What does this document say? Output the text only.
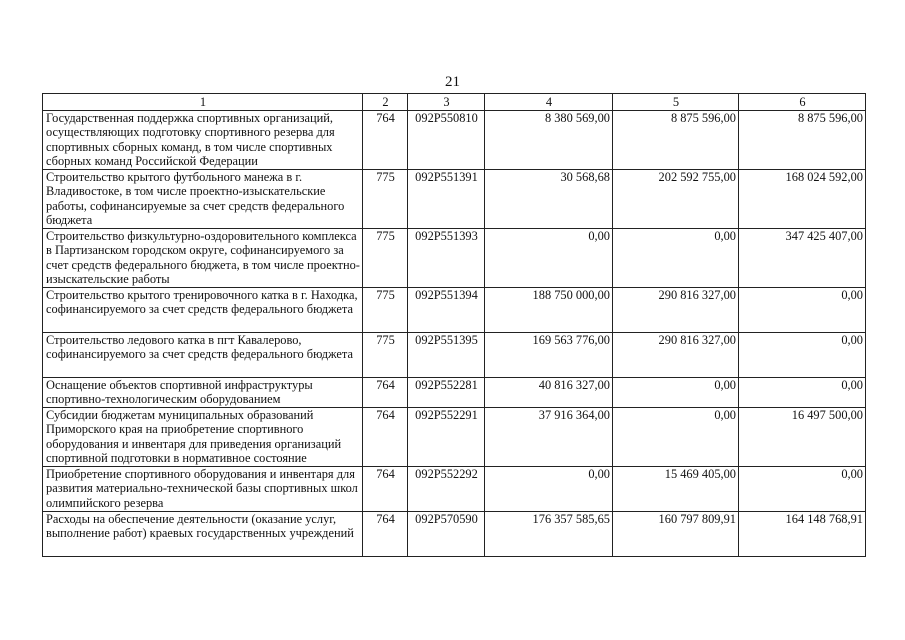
21
1	2	3	4	5	6
Государственная поддержка спортивных организаций, осуществляющих подготовку спортивного резерва для спортивных сборных команд, в том числе спортивных сборных команд Российской Федерации	764	092P550810	8 380 569,00	8 875 596,00	8 875 596,00
Строительство крытого футбольного манежа в г. Владивостоке, в том числе проектно-изыскательские работы, софинансируемые за счет средств федерального бюджета	775	092P551391	30 568,68	202 592 755,00	168 024 592,00
Строительство физкультурно-оздоровительного комплекса в Партизанском городском округе, софинансируемого за счет средств федерального бюджета, в том числе проектно-изыскательские работы	775	092P551393	0,00	0,00	347 425 407,00
Строительство крытого тренировочного катка в г. Находка, софинансируемого за счет средств федерального бюджета	775	092P551394	188 750 000,00	290 816 327,00	0,00
Строительство ледового катка в пгт Кавалерово, софинансируемого за счет средств федерального бюджета	775	092P551395	169 563 776,00	290 816 327,00	0,00
Оснащение объектов спортивной инфраструктуры спортивно-технологическим оборудованием	764	092P552281	40 816 327,00	0,00	0,00
Субсидии бюджетам муниципальных образований Приморского края на приобретение спортивного оборудования и инвентаря для приведения организаций спортивной подготовки в нормативное состояние	764	092P552291	37 916 364,00	0,00	16 497 500,00
Приобретение спортивного оборудования и инвентаря для развития материально-технической базы спортивных школ олимпийского резерва	764	092P552292	0,00	15 469 405,00	0,00
Расходы на обеспечение деятельности (оказание услуг, выполнение работ) краевых государственных учреждений	764	092P570590	176 357 585,65	160 797 809,91	164 148 768,91
